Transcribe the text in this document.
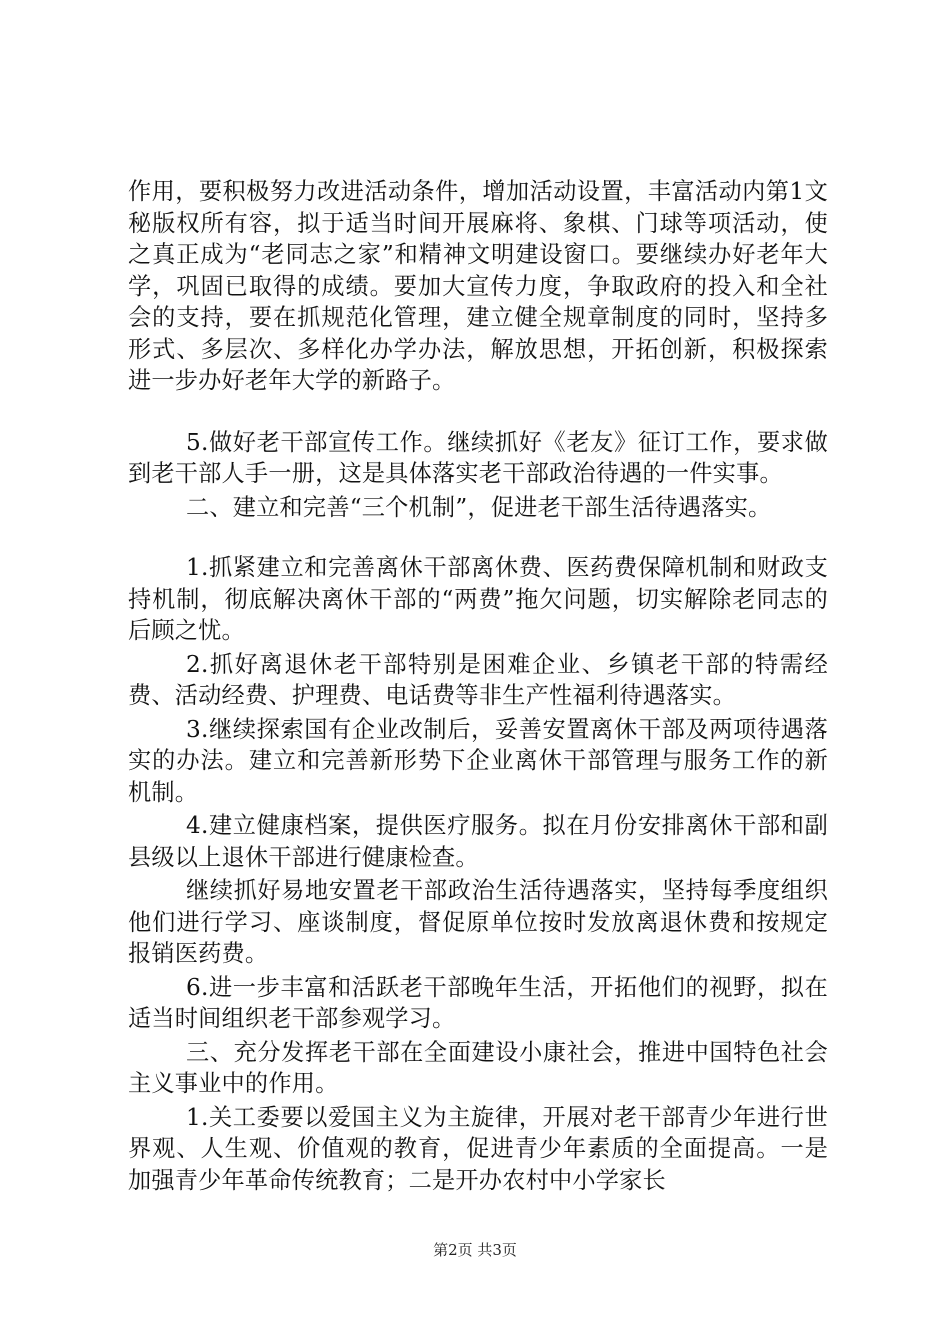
作用，要积极努力改进活动条件，增加活动设置，丰富活动内第1文秘版权所有容，拟于适当时间开展麻将、象棋、门球等项活动，使之真正成为“老同志之家”和精神文明建设窗口。要继续办好老年大学，巩固已取得的成绩。要加大宣传力度，争取政府的投入和全社会的支持，要在抓规范化管理，建立健全规章制度的同时，坚持多形式、多层次、多样化办学办法，解放思想，开拓创新，积极探索进一步办好老年大学的新路子。

5.做好老干部宣传工作。继续抓好《老友》征订工作，要求做到老干部人手一册，这是具体落实老干部政治待遇的一件实事。

二、建立和完善“三个机制”，促进老干部生活待遇落实。

1.抓紧建立和完善离休干部离休费、医药费保障机制和财政支持机制，彻底解决离休干部的“两费”拖欠问题，切实解除老同志的后顾之忧。

2.抓好离退休老干部特别是困难企业、乡镇老干部的特需经费、活动经费、护理费、电话费等非生产性福利待遇落实。

3.继续探索国有企业改制后，妥善安置离休干部及两项待遇落实的办法。建立和完善新形势下企业离休干部管理与服务工作的新机制。

4.建立健康档案，提供医疗服务。拟在月份安排离休干部和副县级以上退休干部进行健康检查。

继续抓好易地安置老干部政治生活待遇落实，坚持每季度组织他们进行学习、座谈制度，督促原单位按时发放离退休费和按规定报销医药费。

6.进一步丰富和活跃老干部晚年生活，开拓他们的视野，拟在适当时间组织老干部参观学习。

三、充分发挥老干部在全面建设小康社会，推进中国特色社会主义事业中的作用。

1.关工委要以爱国主义为主旋律，开展对老干部青少年进行世界观、人生观、价值观的教育，促进青少年素质的全面提高。一是加强青少年革命传统教育；二是开办农村中小学家长

第2页 共3页
